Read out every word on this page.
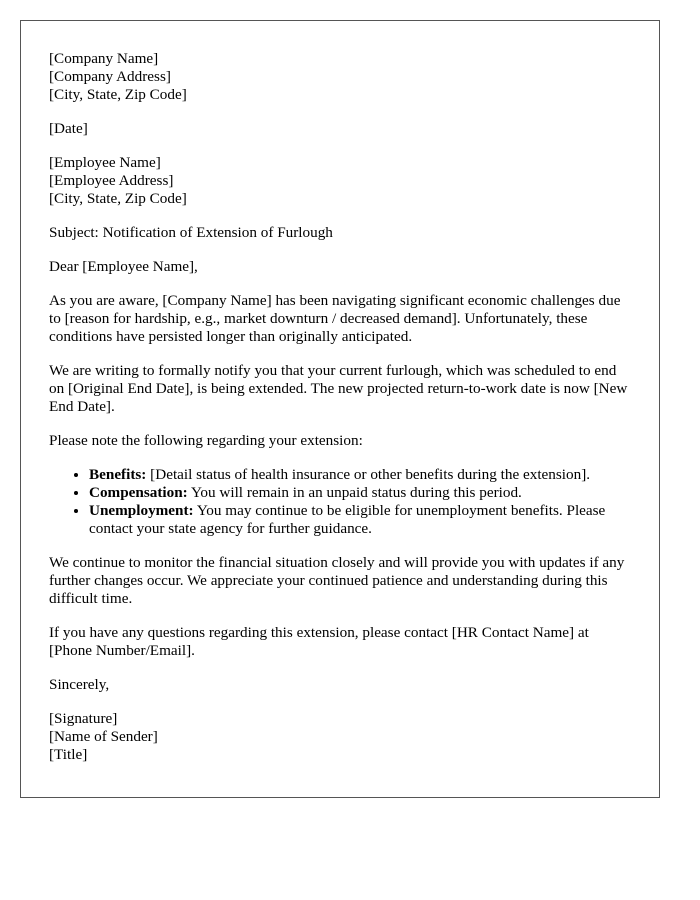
[Company Name]
[Company Address]
[City, State, Zip Code]

[Date]

[Employee Name]
[Employee Address]
[City, State, Zip Code]

Subject: Notification of Extension of Furlough

Dear [Employee Name],

As you are aware, [Company Name] has been navigating significant economic challenges due to [reason for hardship, e.g., market downturn / decreased demand]. Unfortunately, these conditions have persisted longer than originally anticipated.

We are writing to formally notify you that your current furlough, which was scheduled to end on [Original End Date], is being extended. The new projected return-to-work date is now [New End Date].

Please note the following regarding your extension:

• Benefits: [Detail status of health insurance or other benefits during the extension].
• Compensation: You will remain in an unpaid status during this period.
• Unemployment: You may continue to be eligible for unemployment benefits. Please contact your state agency for further guidance.

We continue to monitor the financial situation closely and will provide you with updates if any further changes occur. We appreciate your continued patience and understanding during this difficult time.

If you have any questions regarding this extension, please contact [HR Contact Name] at [Phone Number/Email].

Sincerely,

[Signature]
[Name of Sender]
[Title]
